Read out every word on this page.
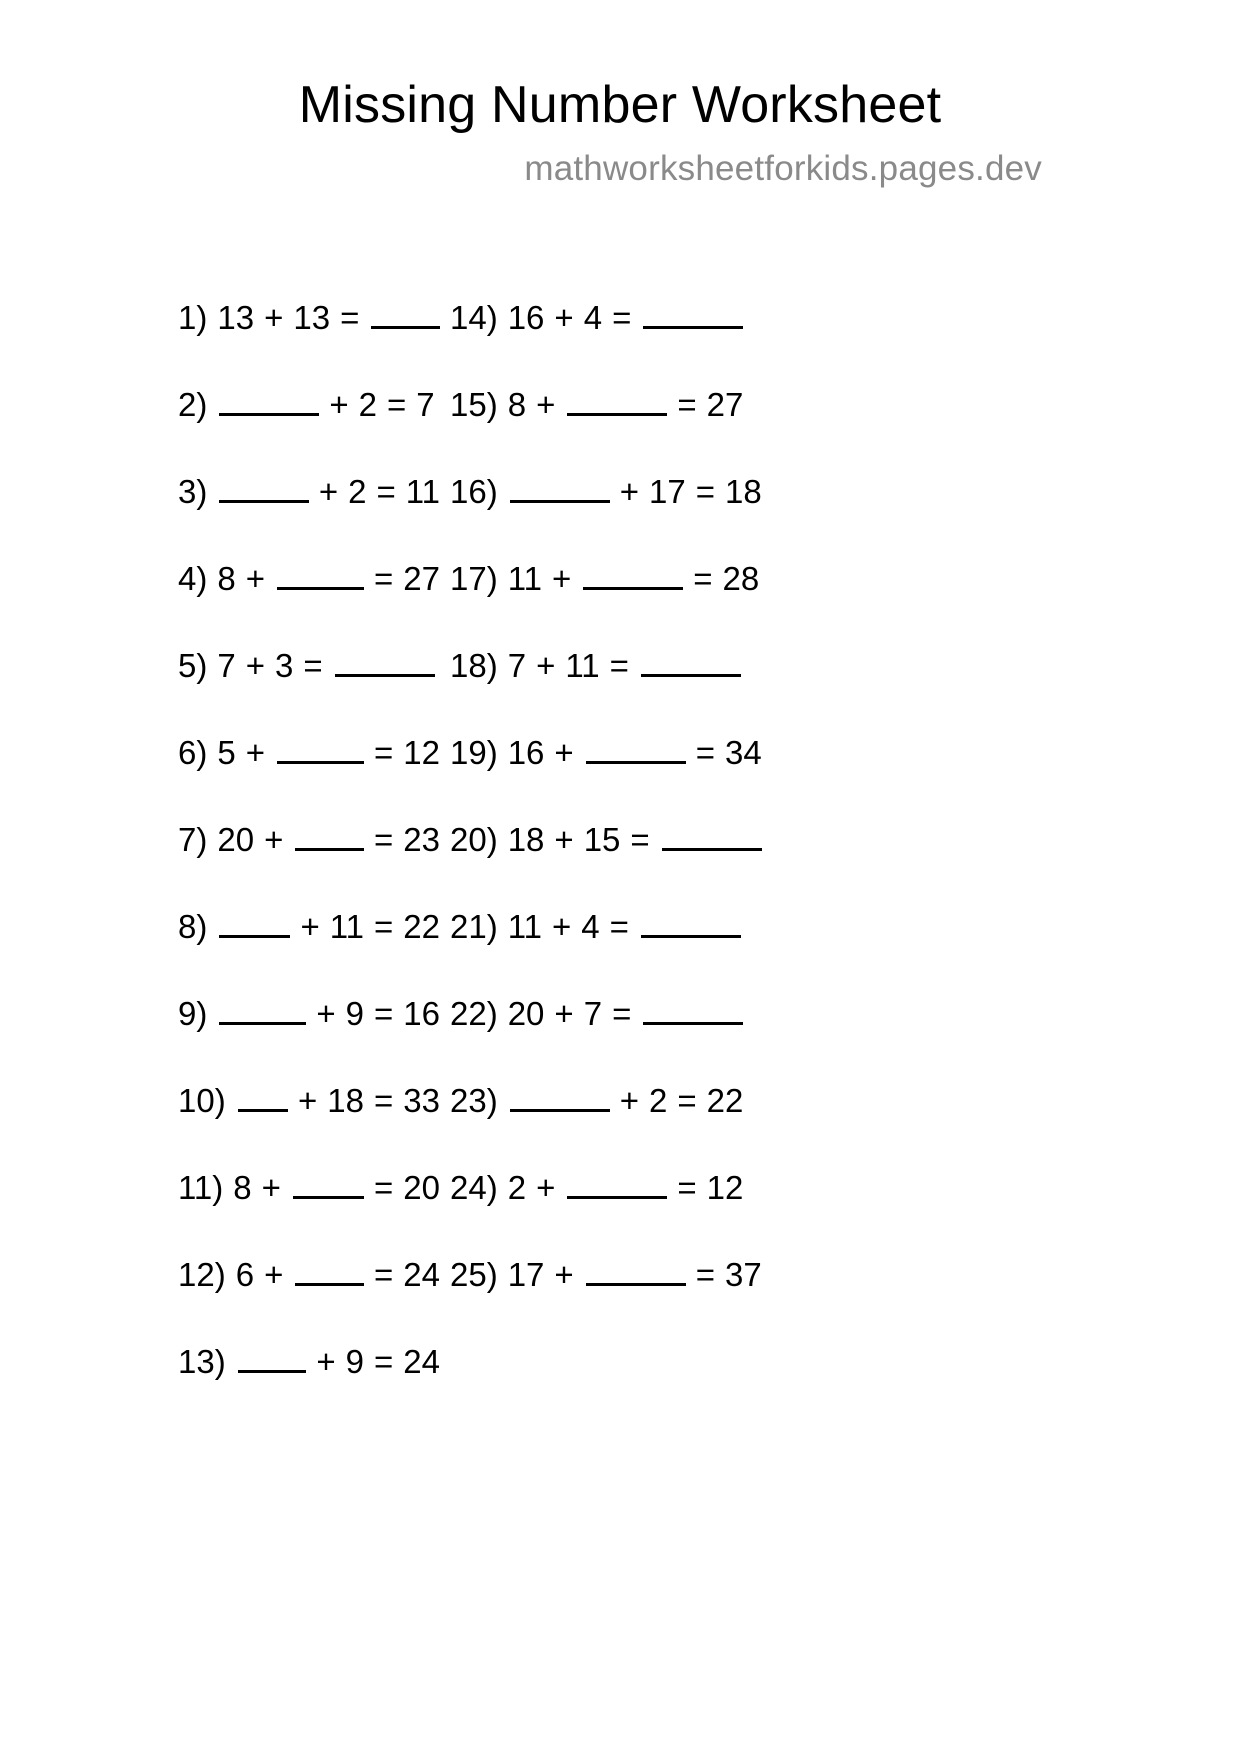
Missing Number Worksheet
mathworksheetforkids.pages.dev
1) 13 + 13 =
2)	+ 2 = 7
3)	+ 2 = 11
4) 8 +	= 27
5) 7 + 3 =
6) 5 +	= 12
7) 20 +	= 23
8)	+ 11 = 22
9)	+ 9 = 16
10) + 18 = 33
11) 8 +	= 20
12) 6 +	= 24
13)	+ 9 = 24
14) 16 + 4 =
15) 8 +	= 27
16)	+ 17 = 18
17) 11 +	= 28
18) 7 + 11 =
19) 16 +	= 34
20) 18 + 15 =
21) 11 + 4 =
22) 20 + 7 =
23)	+ 2 = 22
24) 2 +	= 12
25) 17 +	= 37
